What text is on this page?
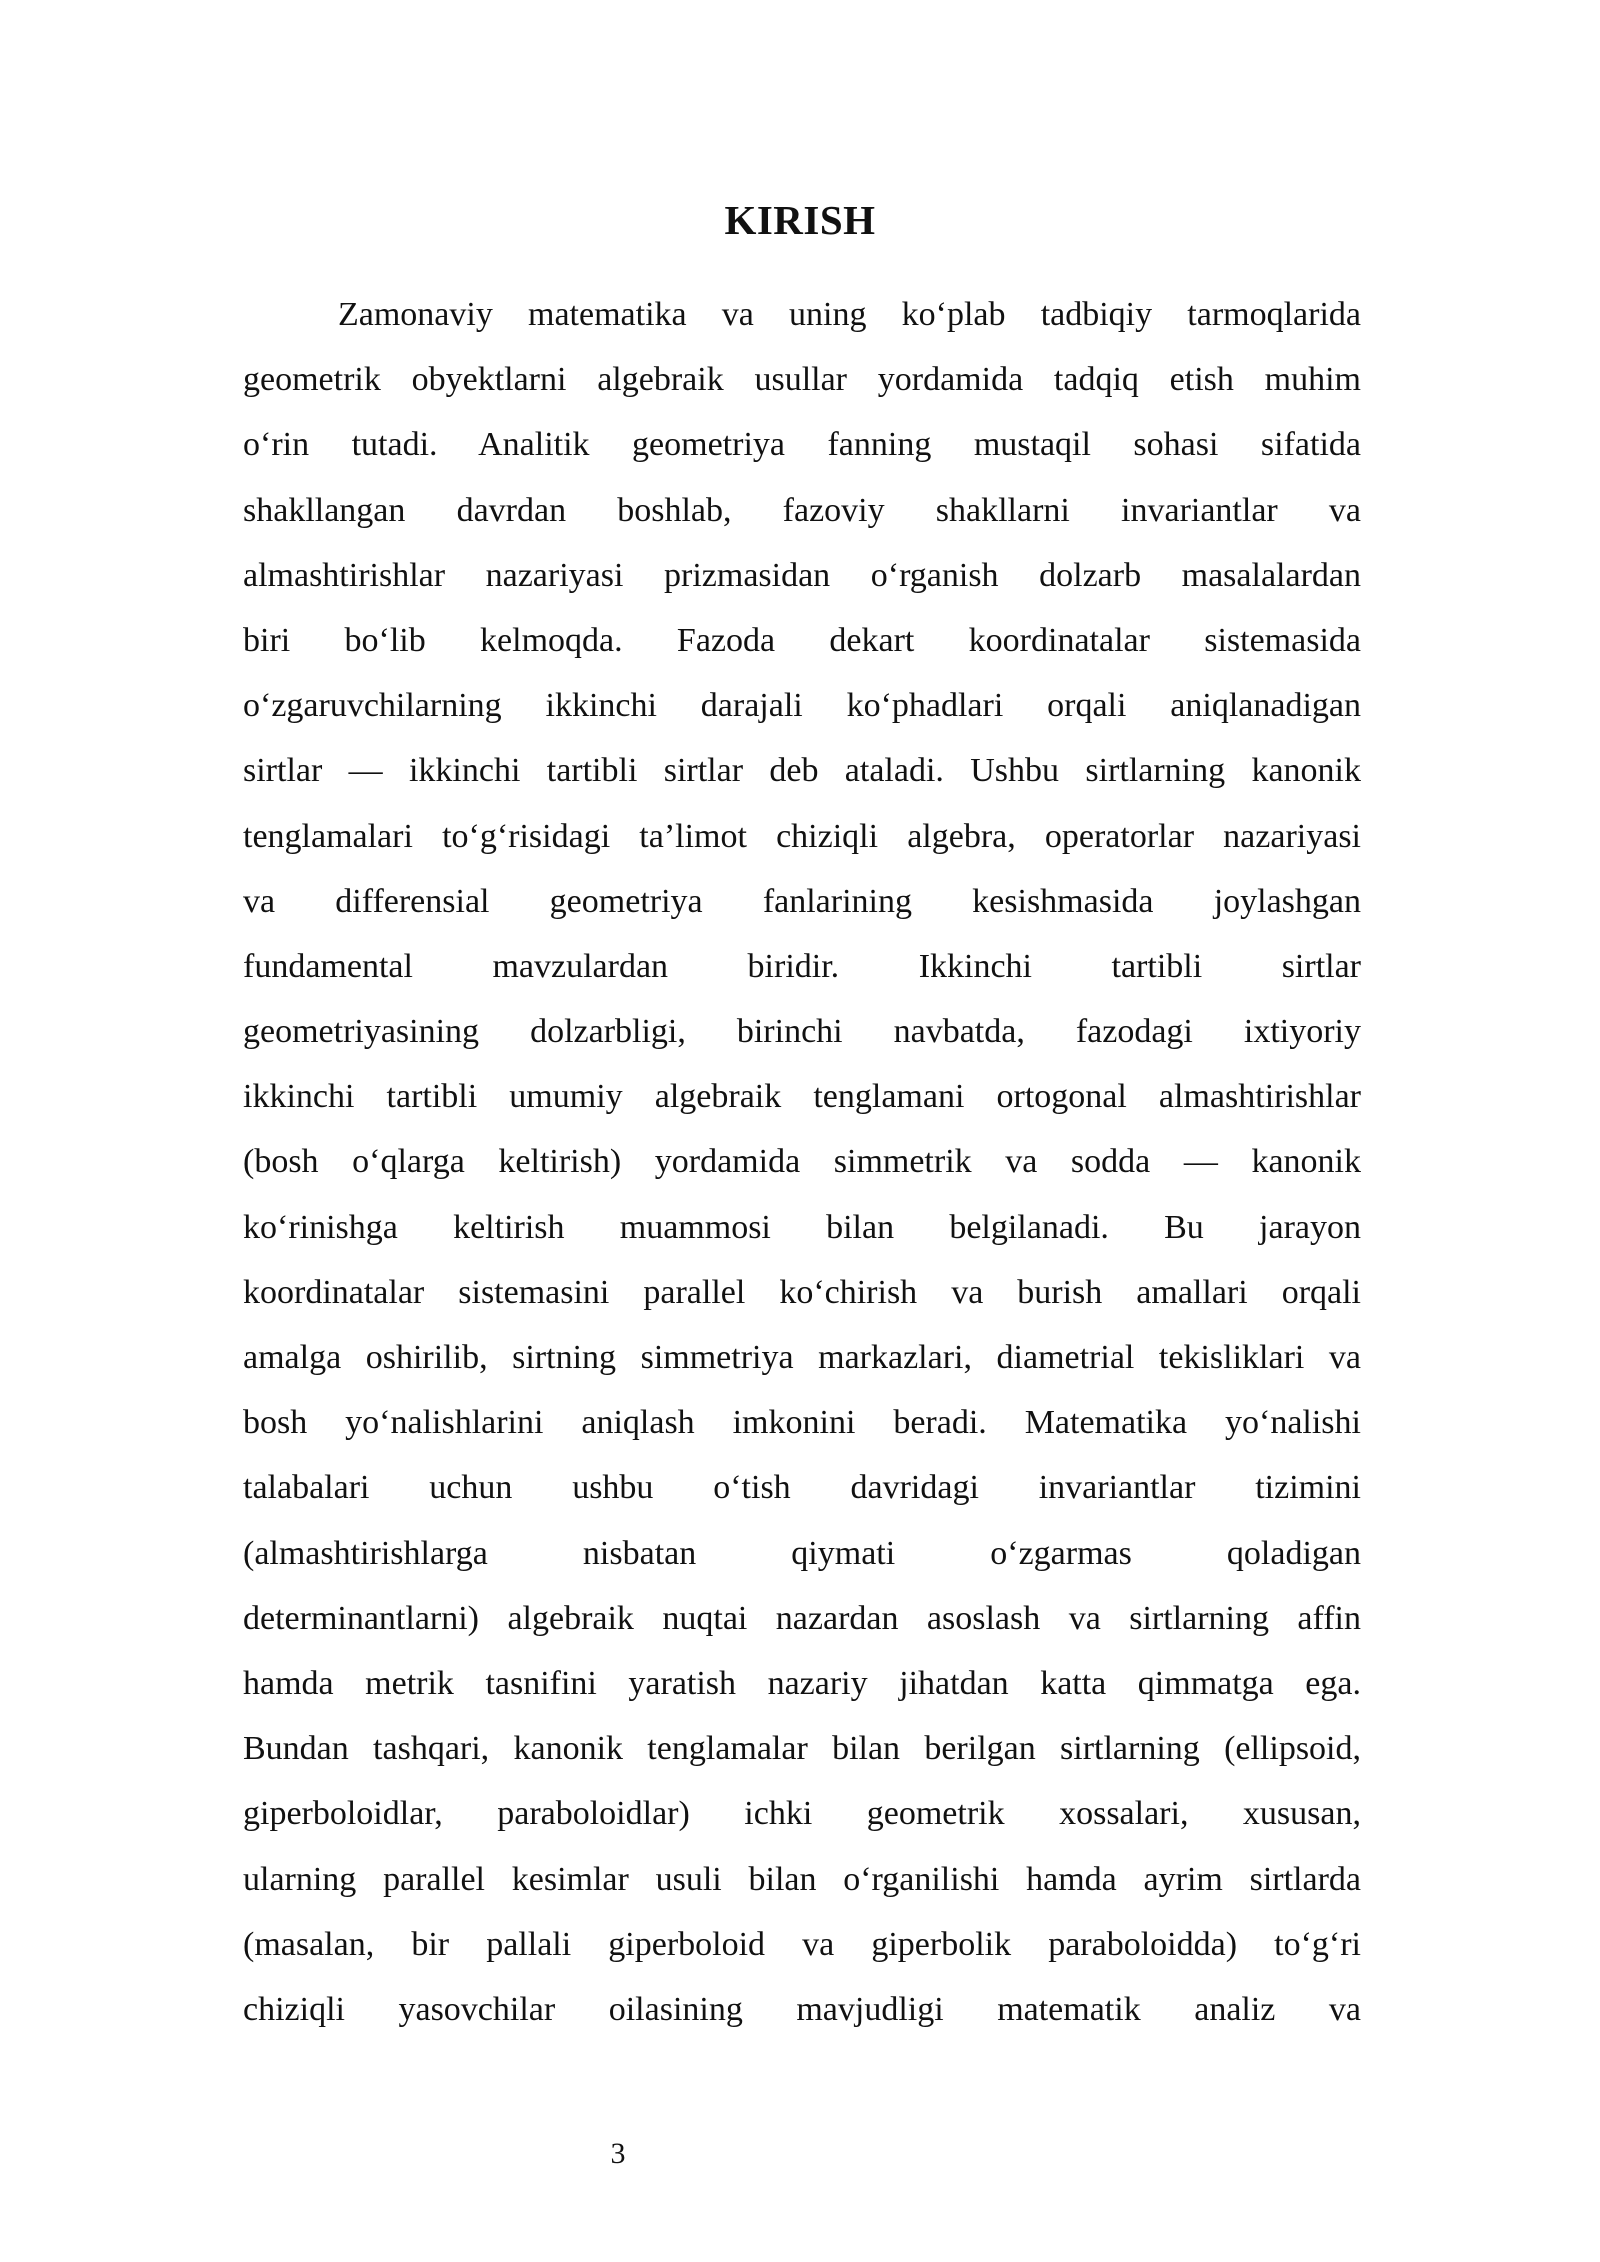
KIRISH
Zamonaviy matematika va uning ko‘plab tadbiqiy tarmoqlarida
geometrik obyektlarni algebraik usullar yordamida tadqiq etish muhim
o‘rin tutadi. Analitik geometriya fanning mustaqil sohasi sifatida
shakllangan davrdan boshlab, fazoviy shakllarni invariantlar va
almashtirishlar nazariyasi prizmasidan o‘rganish dolzarb masalalardan
biri bo‘lib kelmoqda. Fazoda dekart koordinatalar sistemasida
o‘zgaruvchilarning ikkinchi darajali ko‘phadlari orqali aniqlanadigan
sirtlar — ikkinchi tartibli sirtlar deb ataladi. Ushbu sirtlarning kanonik
tenglamalari to‘g‘risidagi ta’limot chiziqli algebra, operatorlar nazariyasi
va differensial geometriya fanlarining kesishmasida joylashgan
fundamental mavzulardan biridir. Ikkinchi tartibli sirtlar
geometriyasining dolzarbligi, birinchi navbatda, fazodagi ixtiyoriy
ikkinchi tartibli umumiy algebraik tenglamani ortogonal almashtirishlar
(bosh o‘qlarga keltirish) yordamida simmetrik va sodda — kanonik
ko‘rinishga keltirish muammosi bilan belgilanadi. Bu jarayon
koordinatalar sistemasini parallel ko‘chirish va burish amallari orqali
amalga oshirilib, sirtning simmetriya markazlari, diametrial tekisliklari va
bosh yo‘nalishlarini aniqlash imkonini beradi. Matematika yo‘nalishi
talabalari uchun ushbu o‘tish davridagi invariantlar tizimini
(almashtirishlarga nisbatan qiymati o‘zgarmas qoladigan
determinantlarni) algebraik nuqtai nazardan asoslash va sirtlarning affin
hamda metrik tasnifini yaratish nazariy jihatdan katta qimmatga ega.
Bundan tashqari, kanonik tenglamalar bilan berilgan sirtlarning (ellipsoid,
giperboloidlar, paraboloidlar) ichki geometrik xossalari, xususan,
ularning parallel kesimlar usuli bilan o‘rganilishi hamda ayrim sirtlarda
(masalan, bir pallali giperboloid va giperbolik paraboloidda) to‘g‘ri
chiziqli yasovchilar oilasining mavjudligi matematik analiz va
3
